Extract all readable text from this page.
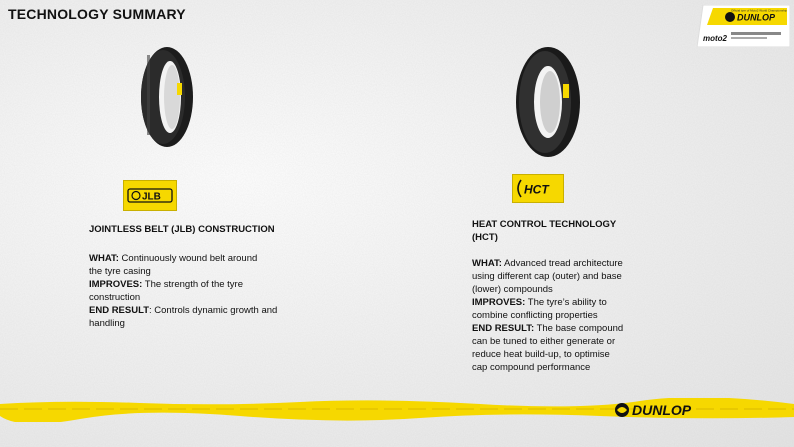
TECHNOLOGY SUMMARY	DUNLOP
Official tyre of Moto2 World Championship
moto2
JLB
HCT
JOINTLESS BELT (JLB) CONSTRUCTION
WHAT: Continuously wound belt around
the tyre casing
IMPROVES: The strength of the tyre
construction
END RESULT: Controls dynamic growth and
handling
HEAT CONTROL TECHNOLOGY
(HCT)
WHAT: Advanced tread architecture
using different cap (outer) and base
(lower) compounds
IMPROVES: The tyre’s ability to
combine conflicting properties
END RESULT: The base compound
can be tuned to either generate or
reduce heat build-up, to optimise
cap compound performance
DUNLOP
